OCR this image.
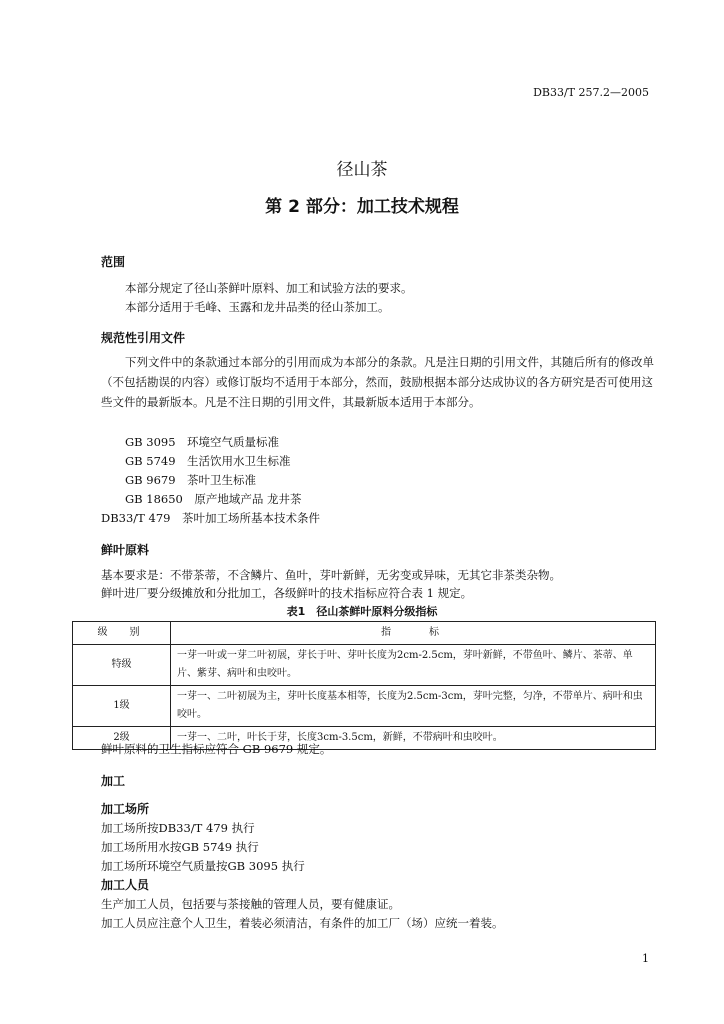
DB33/T 257.2—2005
径山茶
第 2 部分：加工技术规程
范围
本部分规定了径山茶鲜叶原料、加工和试验方法的要求。
本部分适用于毛峰、玉露和龙井品类的径山茶加工。
规范性引用文件
下列文件中的条款通过本部分的引用而成为本部分的条款。凡是注日期的引用文件，其随后所有的修改单（不包括勘误的内容）或修订版均不适用于本部分，然而，鼓励根据本部分达成协议的各方研究是否可使用这些文件的最新版本。凡是不注日期的引用文件，其最新版本适用于本部分。
GB 3095　环境空气质量标准
GB 5749　生活饮用水卫生标准
GB 9679　茶叶卫生标准
GB 18650　原产地域产品 龙井茶
DB33/T 479　茶叶加工场所基本技术条件
鲜叶原料
基本要求是：不带茶蒂，不含鳞片、鱼叶，芽叶新鲜，无劣变或异味，无其它非茶类杂物。
鲜叶进厂要分级摊放和分批加工，各级鲜叶的技术指标应符合表 1 规定。
表1　径山茶鲜叶原料分级指标
级　别	指　　标
特级	一芽一叶或一芽二叶初展，芽长于叶、芽叶长度为2cm-2.5cm，芽叶新鲜，不带鱼叶、鳞片、茶蒂、单片、紫芽、病叶和虫咬叶。
1级	一芽一、二叶初展为主，芽叶长度基本相等，长度为2.5cm-3cm，芽叶完整，匀净，不带单片、病叶和虫咬叶。
2级	一芽一、二叶，叶长于芽，长度3cm-3.5cm，新鲜，不带病叶和虫咬叶。
鲜叶原料的卫生指标应符合 GB 9679 规定。
加工
加工场所
加工场所按DB33/T 479 执行
加工场所用水按GB 5749 执行
加工场所环境空气质量按GB 3095 执行
加工人员
生产加工人员，包括要与茶接触的管理人员，要有健康证。
加工人员应注意个人卫生，着装必须清洁，有条件的加工厂（场）应统一着装。
1
